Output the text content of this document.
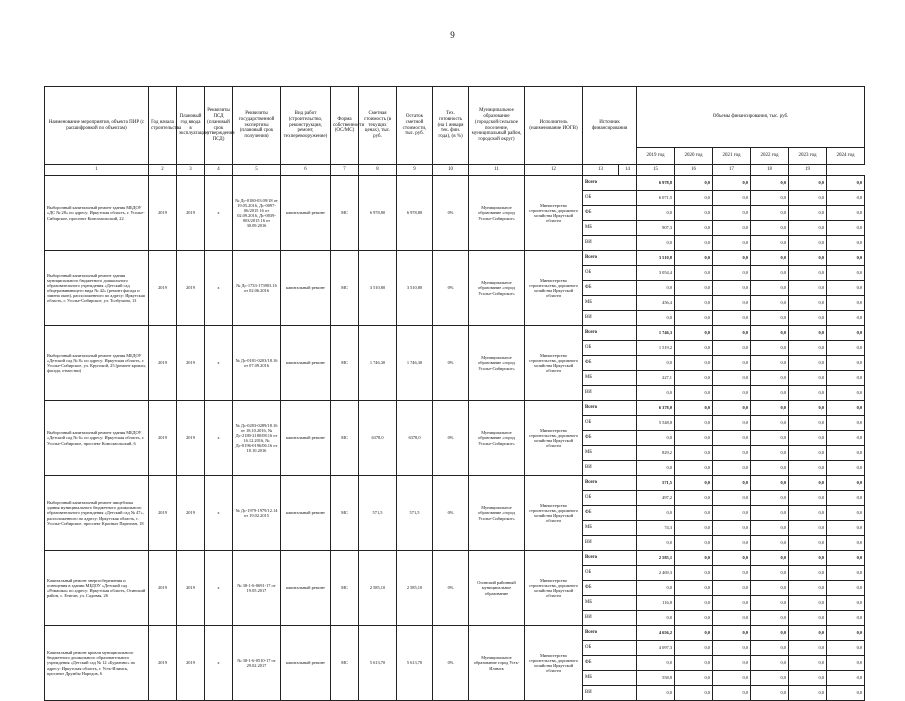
9
Наименование мероприятия, объекта ПИР (с расшифровкой по объектам)	Год начала строительства	Плановый год ввода в эксплуатацию	Реквизиты ПСД (плановый срок утверждения ПСД)	Реквизиты государственной экспертизы (плановый срок получения)	Вид работ (строительство, реконструкция, ремонт, техперевооружение)	Форма собственности (ОС/МС)	Сметная стоимость (в текущих ценах), тыс. руб.	Остаток сметной стоимости, тыс. руб.	Тех. готовность (на 1 января тек. фин. года), (в %)	Муниципальное образование (городской/сельское поселение, муниципальный район, городской округ)	Исполнитель (наименование ИОГВ)	Источник финансирования		Объемы финансирования, тыс. руб.					
														2019 год	2020 год	2021 год	2022 год	2023 год	2024 год
1	2	3	4	5	6	7	8	9	10	11	12	13	14	15	16	17	18	19	
Выборочный капитальный ремонт здания МБДОУ «ДС № 28» по адресу: Иркутская область, г. Усолье-Сибирское, проспект Комсомольский, 22	2019	2019	x	№ Дс-0180-03.09/18 от 19.05.2016, Дс-0097-06/2015 16 от 02.09.2016, Дс-0039-003/2015 16 от 30.09.2016	капитальный ремонт	МС	6 978,80	6 978,80	0%	Муниципальное образование «город Усолье-Сибирское»	Министерство строительства, дорожного хозяйства Иркутской области	Всего		6 978,8	0,0	0,0	0,0	0,0	0,0
												ОБ		6 071,5	0,0	0,0	0,0	0,0	0,0
												ФБ		0,0	0,0	0,0	0,0	0,0	0,0
												МБ		907,3	0,0	0,0	0,0	0,0	0,0
												ВИ		0,0	0,0	0,0	0,0	0,0	0,0
Выборочный капитальный ремонт здания муниципального бюджетного дошкольного образовательного учреждения «Детский сад общеразвивающего вида № 42» (ремонт фасада и замена окон), расположенного по адресу: Иркутская область, г. Усолье-Сибирское, ул. Толбухина, 13	2019	2019	x	№ Дс-1733-173903.16 от 02.06.2016	капитальный ремонт	МС	3 510,80	3 510,80	0%	Муниципальное образование «город Усолье-Сибирское»	Министерство строительства, дорожного хозяйства Иркутской области	Всего		3 510,8	0,0	0,0	0,0	0,0	0,0
												ОБ		3 054,4	0,0	0,0	0,0	0,0	0,0
												ФБ		0,0	0,0	0,0	0,0	0,0	0,0
												МБ		456,4	0,0	0,0	0,0	0,0	0,0
												ВИ		0,0	0,0	0,0	0,0	0,0	0,0
Выборочный капитальный ремонт здания МБДОУ «Детский сад № 8» по адресу: Иркутская область, г. Усолье-Сибирское, ул. Крупской, 25 (ремонт кровли, фасада, отмостки)	2019	2019	x	№ Дс-0181-0203/18.16 от 07.09.2016	капитальный ремонт	МС	1 746,30	1 746,30	0%	Муниципальное образование «город Усолье-Сибирское»	Министерство строительства, дорожного хозяйства Иркутской области	Всего		1 746,3	0,0	0,0	0,0	0,0	0,0
												ОБ		1 519,2	0,0	0,0	0,0	0,0	0,0
												ФБ		0,0	0,0	0,0	0,0	0,0	0,0
												МБ		227,1	0,0	0,0	0,0	0,0	0,0
												ВИ		0,0	0,0	0,0	0,0	0,0	0,0
Выборочный капитальный ремонт здания МБДОУ «Детский сад № 6» по адресу: Иркутская область, г. Усолье-Сибирское, проспект Комсомольский, 6	2019	2019	x	№ Дс-0283-0289/18.16 от 18.10.2016, № Дс-2180-2180/08.16 от 16.12.2016, № Дс-0196-0196/06.16 от 18.10.2016	капитальный ремонт	МС	6378,0	6378,0	0%	Муниципальное образование «город Усолье-Сибирское»	Министерство строительства, дорожного хозяйства Иркутской области	Всего		6 378,0	0,0	0,0	0,0	0,0	0,0
												ОБ		5 548,8	0,0	0,0	0,0	0,0	0,0
												ФБ		0,0	0,0	0,0	0,0	0,0	0,0
												МБ		829,2	0,0	0,0	0,0	0,0	0,0
												ВИ		0,0	0,0	0,0	0,0	0,0	0,0
Выборочный капитальный ремонт пищеблока здания муниципального бюджетного дошкольного образовательного учреждения «Детский сад № 47», расположенного по адресу: Иркутская область, г. Усолье-Сибирское, проспект Красных Партизан, 18	2019	2019	x	№ Дс-1979-1979/12.14 от 19.02.2015	капитальный ремонт	МС	571,5	571,5	0%	Муниципальное образование «город Усолье-Сибирское»	Министерство строительства, дорожного хозяйства Иркутской области	Всего		571,5	0,0	0,0	0,0	0,0	0,0
												ОБ		497,2	0,0	0,0	0,0	0,0	0,0
												ФБ		0,0	0,0	0,0	0,0	0,0	0,0
												МБ		74,3	0,0	0,0	0,0	0,0	0,0
												ВИ		0,0	0,0	0,0	0,0	0,0	0,0
Капитальный ремонт энергосбережения и освещения в здании МБДОУ «Детский сад «Ромашка» по адресу: Иркутская область, Осинский район, с. Етиган, ул. Садовая, 26	2019	2019	x	№ 38-1-6-0691-17 от 19.05.2017	капитальный ремонт	МС	2 585,10	2 585,10	0%	Осинский районный муниципальное образование	Министерство строительства, дорожного хозяйства Иркутской области	Всего		2 585,1	0,0	0,0	0,0	0,0	0,0
												ОБ		2 469,3	0,0	0,0	0,0	0,0	0,0
												ФБ		0,0	0,0	0,0	0,0	0,0	0,0
												МБ		116,8	0,0	0,0	0,0	0,0	0,0
												ВИ		0,0	0,0	0,0	0,0	0,0	0,0
Капитальный ремонт кровли муниципального бюджетного дошкольного образовательного учреждения «Детский сад № 12 «Буратино» по адресу: Иркутская область, г. Усть-Илимск, проспект Дружбы Народов, 6	2019	2019	x	№ 38-1-6-0510-17 от 29.02.2017	капитальный ремонт	МС	5 613,70	5 613,70	0%	Муниципальное образование город Усть-Илимск	Министерство строительства, дорожного хозяйства Иркутской области	Всего		4 656,2	0,0	0,0	0,0	0,0	0,0
												ОБ		4 097,3	0,0	0,0	0,0	0,0	0,0
												ФБ		0,0	0,0	0,0	0,0	0,0	0,0
												МБ		558,8	0,0	0,0	0,0	0,0	0,0
												ВИ		0,0	0,0	0,0	0,0	0,0	0,0
